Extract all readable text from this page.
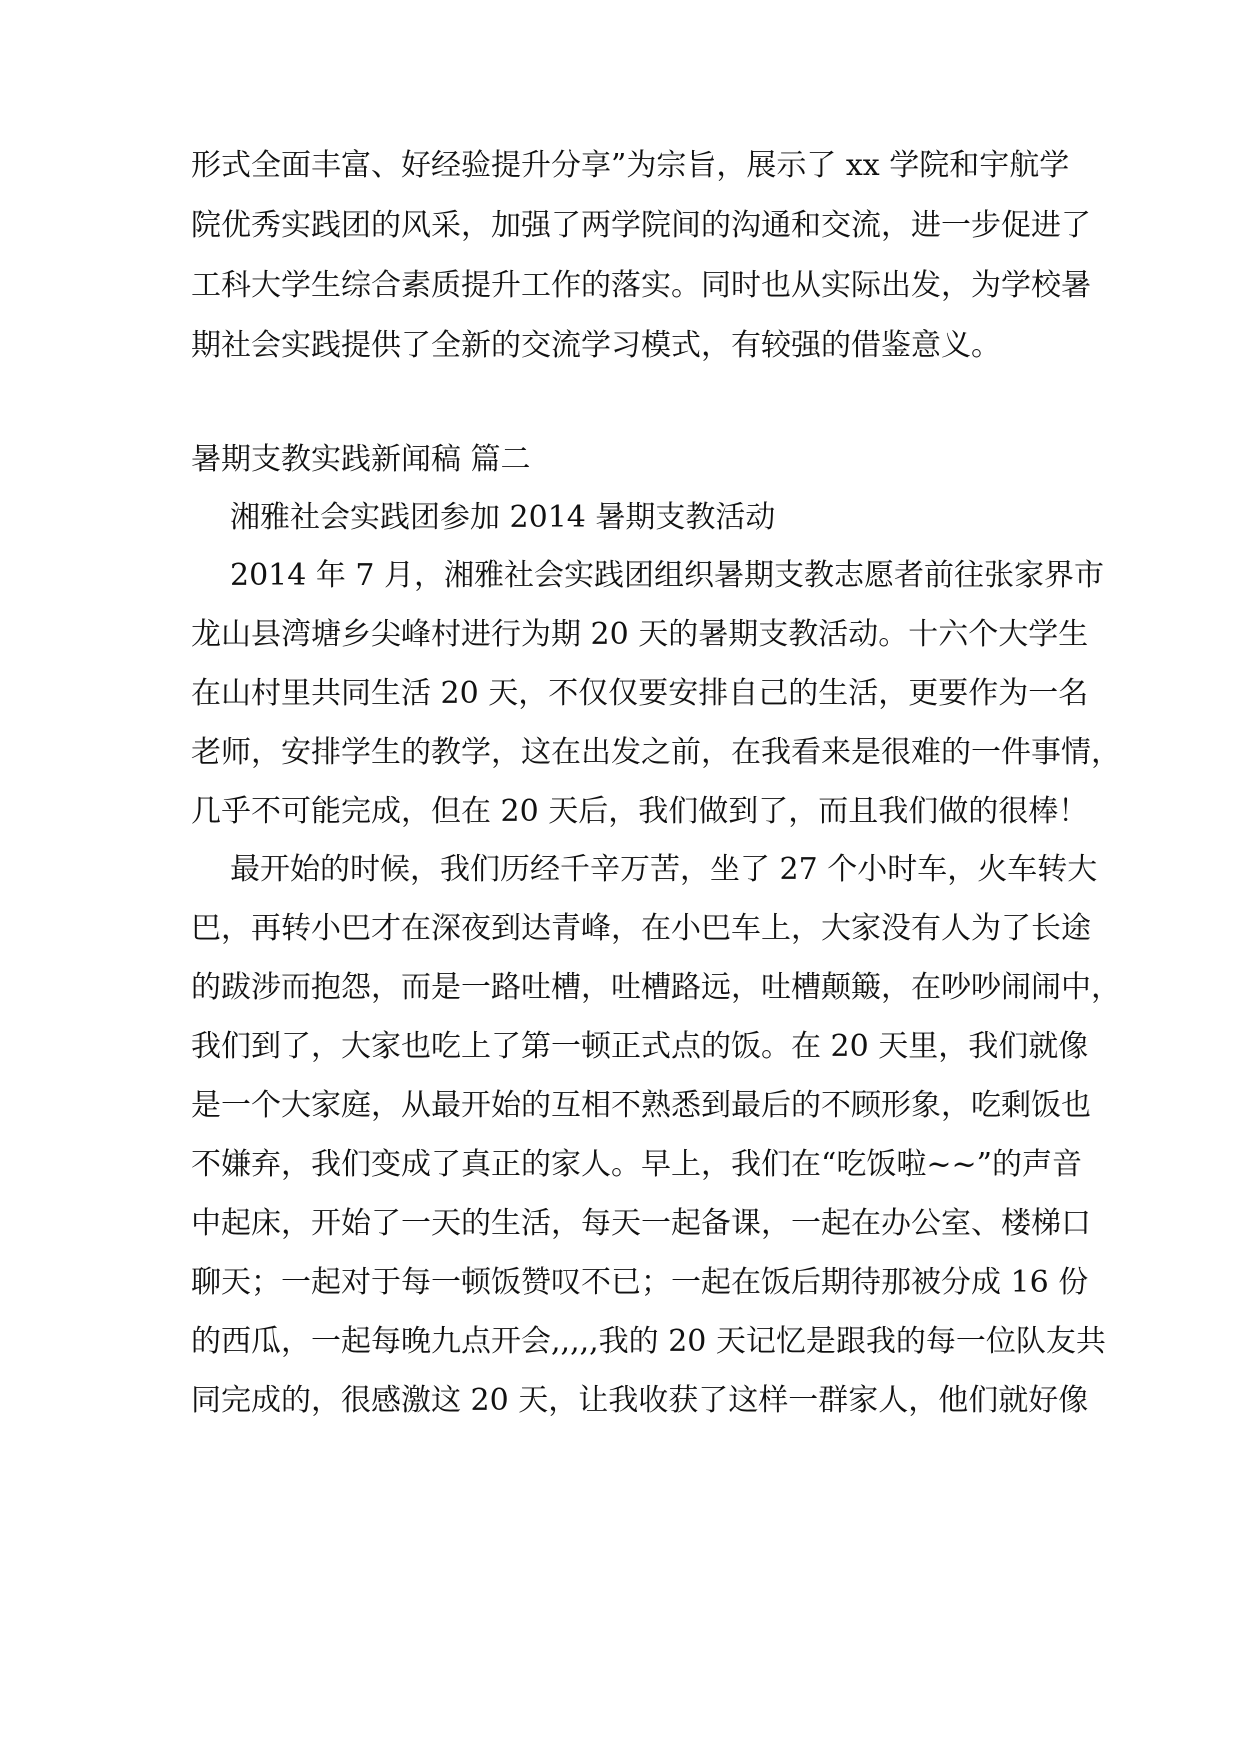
形式全面丰富、好经验提升分享”为宗旨，展示了 xx 学院和宇航学
院优秀实践团的风采，加强了两学院间的沟通和交流，进一步促进了
工科大学生综合素质提升工作的落实。同时也从实际出发，为学校暑
期社会实践提供了全新的交流学习模式，有较强的借鉴意义。
暑期支教实践新闻稿 篇二
湘雅社会实践团参加 2014 暑期支教活动
2014 年 7 月，湘雅社会实践团组织暑期支教志愿者前往张家界市
龙山县湾塘乡尖峰村进行为期 20 天的暑期支教活动。十六个大学生
在山村里共同生活 20 天，不仅仅要安排自己的生活，更要作为一名
老师，安排学生的教学，这在出发之前，在我看来是很难的一件事情，
几乎不可能完成，但在 20 天后，我们做到了，而且我们做的很棒！
最开始的时候，我们历经千辛万苦，坐了 27 个小时车，火车转大
巴，再转小巴才在深夜到达青峰，在小巴车上，大家没有人为了长途
的跋涉而抱怨，而是一路吐槽，吐槽路远，吐槽颠簸，在吵吵闹闹中，
我们到了，大家也吃上了第一顿正式点的饭。在 20 天里，我们就像
是一个大家庭，从最开始的互相不熟悉到最后的不顾形象，吃剩饭也
不嫌弃，我们变成了真正的家人。早上，我们在“吃饭啦~~”的声音
中起床，开始了一天的生活，每天一起备课，一起在办公室、楼梯口
聊天；一起对于每一顿饭赞叹不已；一起在饭后期待那被分成 16 份
的西瓜，一起每晚九点开会,,,,,我的 20 天记忆是跟我的每一位队友共
同完成的，很感激这 20 天，让我收获了这样一群家人，他们就好像
